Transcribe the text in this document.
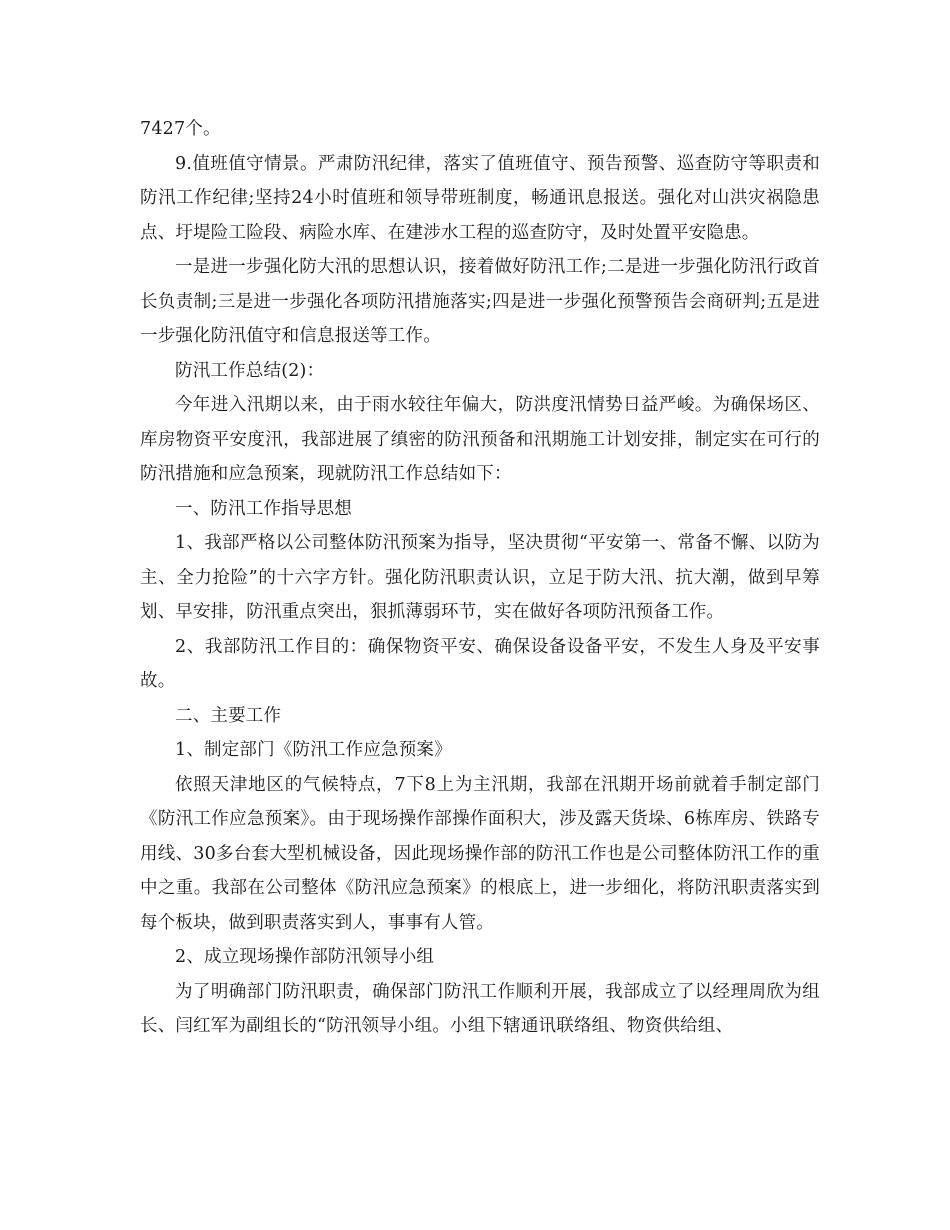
7427个。

9.值班值守情景。严肃防汛纪律，落实了值班值守、预告预警、巡查防守等职责和防汛工作纪律;坚持24小时值班和领导带班制度，畅通讯息报送。强化对山洪灾祸隐患点、圩堤险工险段、病险水库、在建涉水工程的巡查防守，及时处置平安隐患。

一是进一步强化防大汛的思想认识，接着做好防汛工作;二是进一步强化防汛行政首长负责制;三是进一步强化各项防汛措施落实;四是进一步强化预警预告会商研判;五是进一步强化防汛值守和信息报送等工作。

防汛工作总结(2)：

今年进入汛期以来，由于雨水较往年偏大，防洪度汛情势日益严峻。为确保场区、库房物资平安度汛，我部进展了缜密的防汛预备和汛期施工计划安排，制定实在可行的防汛措施和应急预案，现就防汛工作总结如下：

一、防汛工作指导思想

1、我部严格以公司整体防汛预案为指导，坚决贯彻“平安第一、常备不懈、以防为主、全力抢险”的十六字方针。强化防汛职责认识，立足于防大汛、抗大潮，做到早筹划、早安排，防汛重点突出，狠抓薄弱环节，实在做好各项防汛预备工作。

2、我部防汛工作目的：确保物资平安、确保设备设备平安，不发生人身及平安事故。

二、主要工作

1、制定部门《防汛工作应急预案》

依照天津地区的气候特点，7下8上为主汛期，我部在汛期开场前就着手制定部门《防汛工作应急预案》。由于现场操作部操作面积大，涉及露天货垛、6栋库房、铁路专用线、30多台套大型机械设备，因此现场操作部的防汛工作也是公司整体防汛工作的重中之重。我部在公司整体《防汛应急预案》的根底上，进一步细化，将防汛职责落实到每个板块，做到职责落实到人，事事有人管。

2、成立现场操作部防汛领导小组

为了明确部门防汛职责，确保部门防汛工作顺利开展，我部成立了以经理周欣为组长、闫红军为副组长的“防汛领导小组。小组下辖通讯联络组、物资供给组、
